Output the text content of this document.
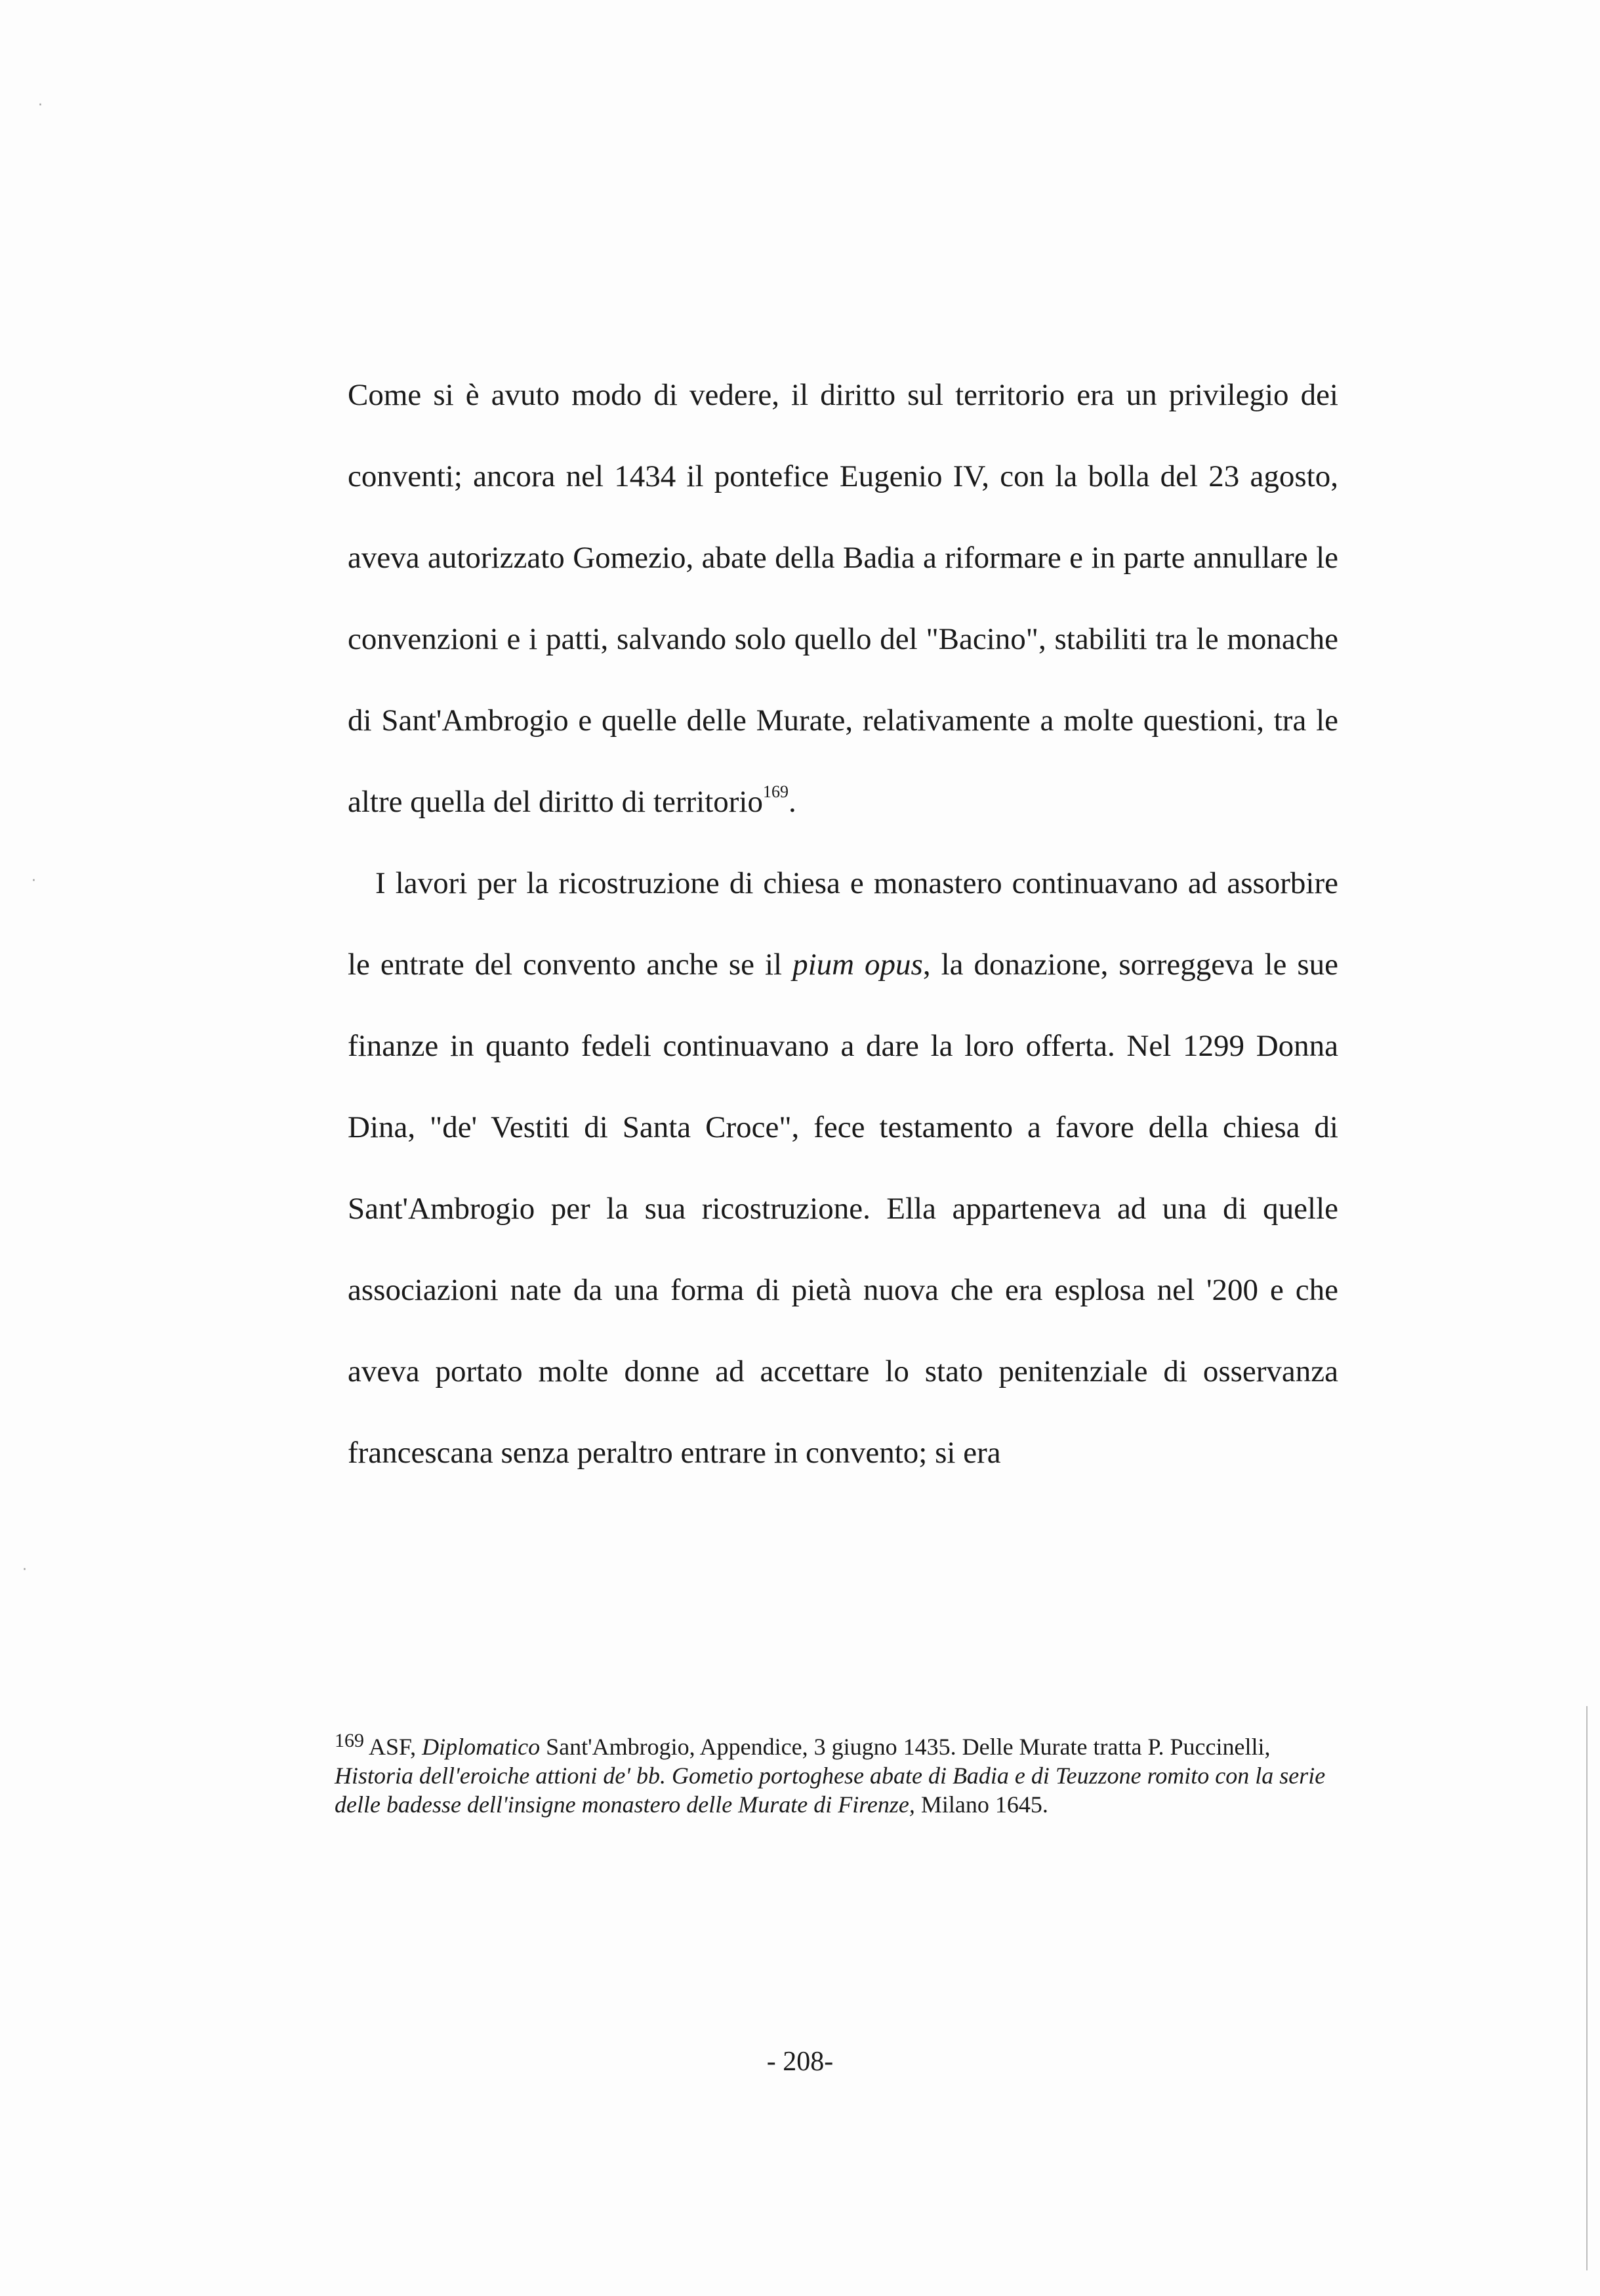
·
·
·

Come si è avuto modo di vedere, il diritto sul territorio era un privilegio dei conventi; ancora nel 1434 il pontefice Eugenio IV, con la bolla del 23 agosto, aveva autorizzato Gomezio, abate della Badia a riformare e in parte annullare le convenzioni e i patti, salvando solo quello del "Bacino", stabiliti tra le monache di Sant'Ambrogio e quelle delle Murate, relativamente a molte questioni, tra le altre quella del diritto di territorio$^{169}$.

I lavori per la ricostruzione di chiesa e monastero continuavano ad assorbire le entrate del convento anche se il pium opus, la donazione, sorreggeva le sue finanze in quanto fedeli continuavano a dare la loro offerta. Nel 1299 Donna Dina, "de' Vestiti di Santa Croce", fece testamento a favore della chiesa di Sant'Ambrogio per la sua ricostruzione. Ella apparteneva ad una di quelle associazioni nate da una forma di pietà nuova che era esplosa nel '200 e che aveva portato molte donne ad accettare lo stato penitenziale di osservanza francescana senza peraltro entrare in convento; si era

$^{169}$ ASF, Diplomatico Sant'Ambrogio, Appendice, 3 giugno 1435. Delle Murate tratta P. Puccinelli, Historia dell'eroiche attioni de' bb. Gometio portoghese abate di Badia e di Teuzzone romito con la serie delle badesse dell'insigne monastero delle Murate di Firenze, Milano 1645.
- 208-
